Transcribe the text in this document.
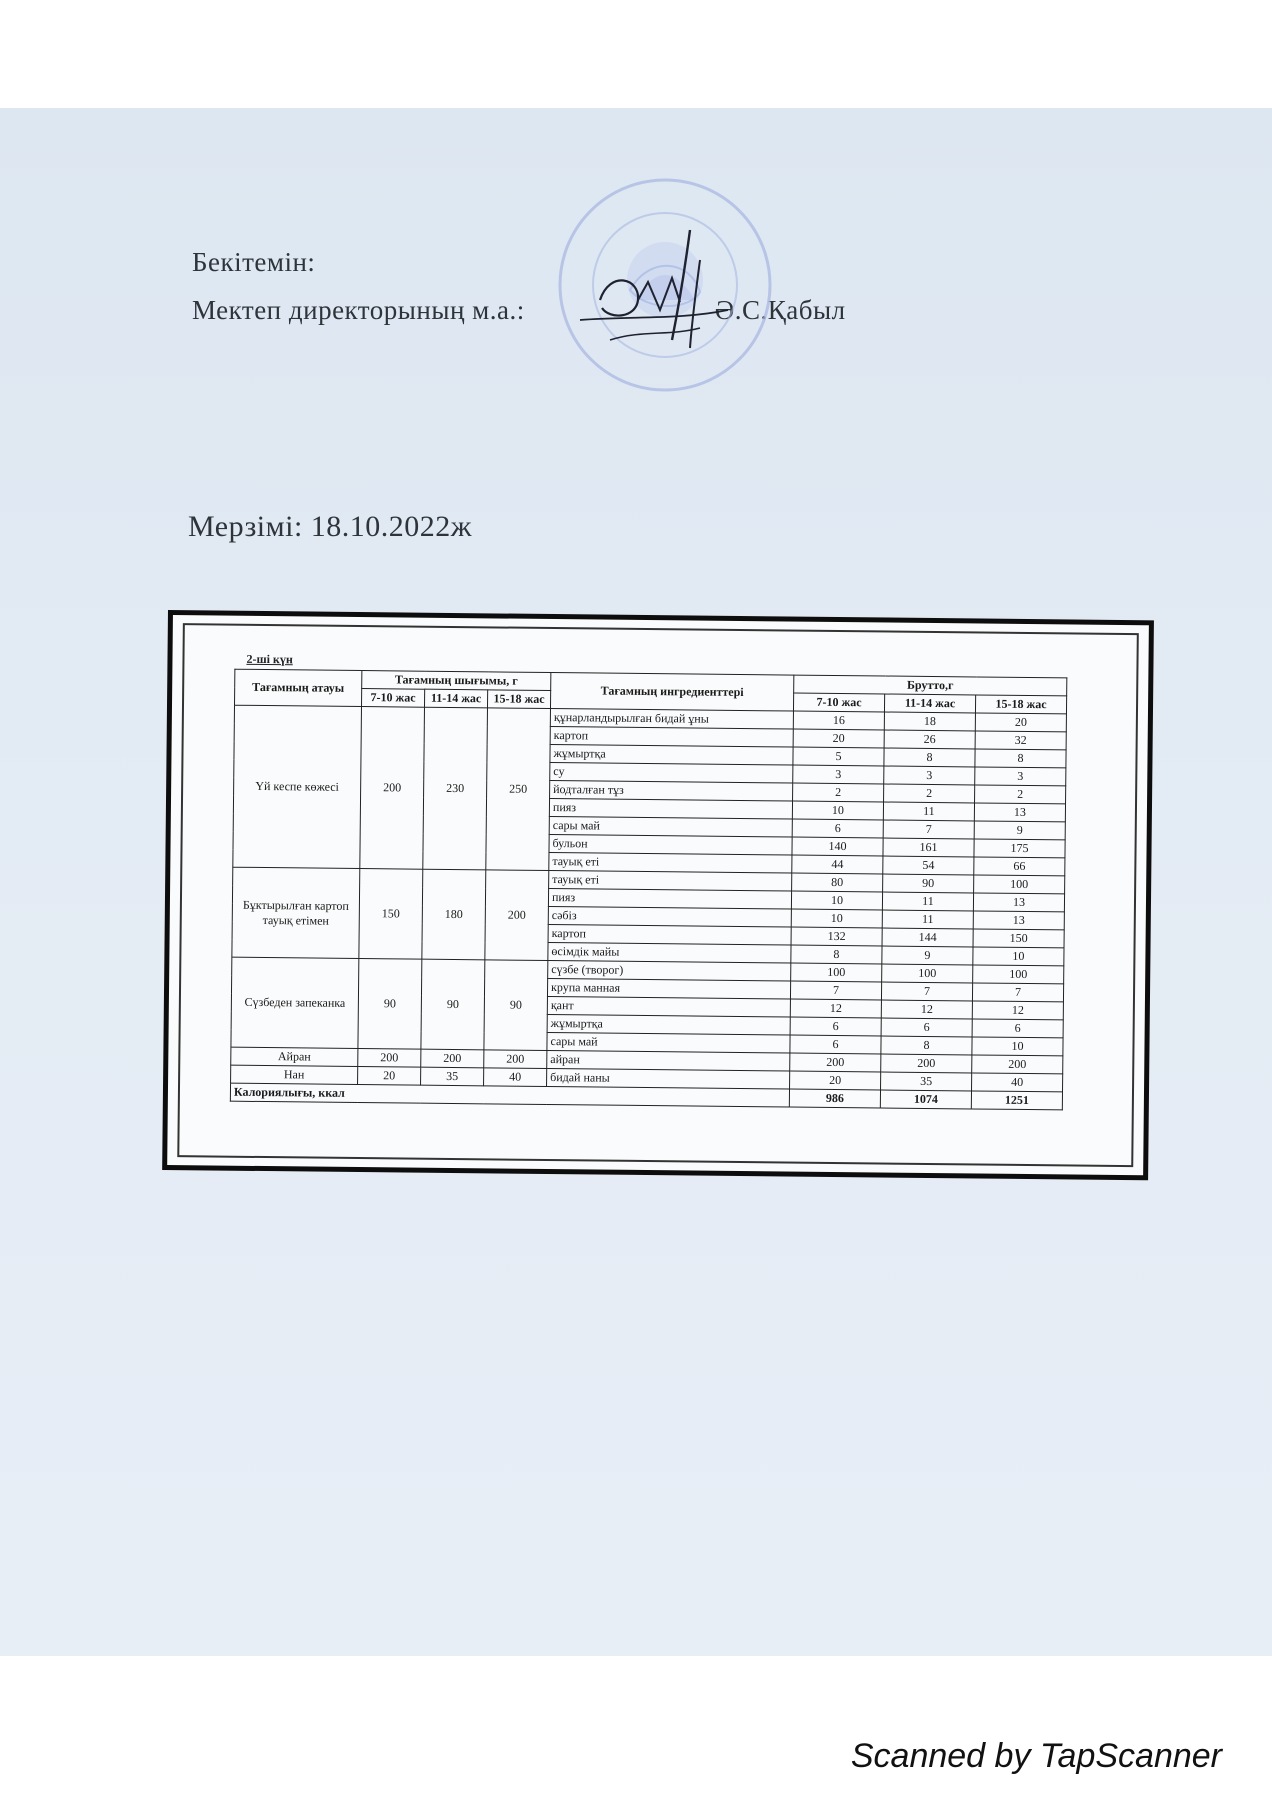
Бекітемін:
Мектеп директорының м.а.:	Ә.С.Қабыл
Мерзімі: 18.10.2022ж
2-ші күн
Тағамның атауы	Тағамның шығымы, г			Тағамның ингредиенттері	Брутто,г		
	7-10 жас	11-14 жас	15-18 жас		7-10 жас	11-14 жас	15-18 жас
Үй кеспе көжесі	200	230	250	құнарландырылған бидай ұны	16	18	20
				картоп	20	26	32
				жұмыртқа	5	8	8
				су	3	3	3
				йодталған тұз	2	2	2
				пияз	10	11	13
				сары май	6	7	9
				бульон	140	161	175
				тауық еті	44	54	66
Бұктырылған картоп тауық етімен	150	180	200	тауық еті	80	90	100
				пияз	10	11	13
				сәбіз	10	11	13
				картоп	132	144	150
				өсімдік майы	8	9	10
Сүзбеден запеканка	90	90	90	сүзбе (творог)	100	100	100
				крупа манная	7	7	7
				қант	12	12	12
				жұмыртқа	6	6	6
				сары май	6	8	10
Айран	200	200	200	айран	200	200	200
Нан	20	35	40	бидай наны	20	35	40
Калориялығы, ккал					986	1074	1251
Scanned by TapScanner
